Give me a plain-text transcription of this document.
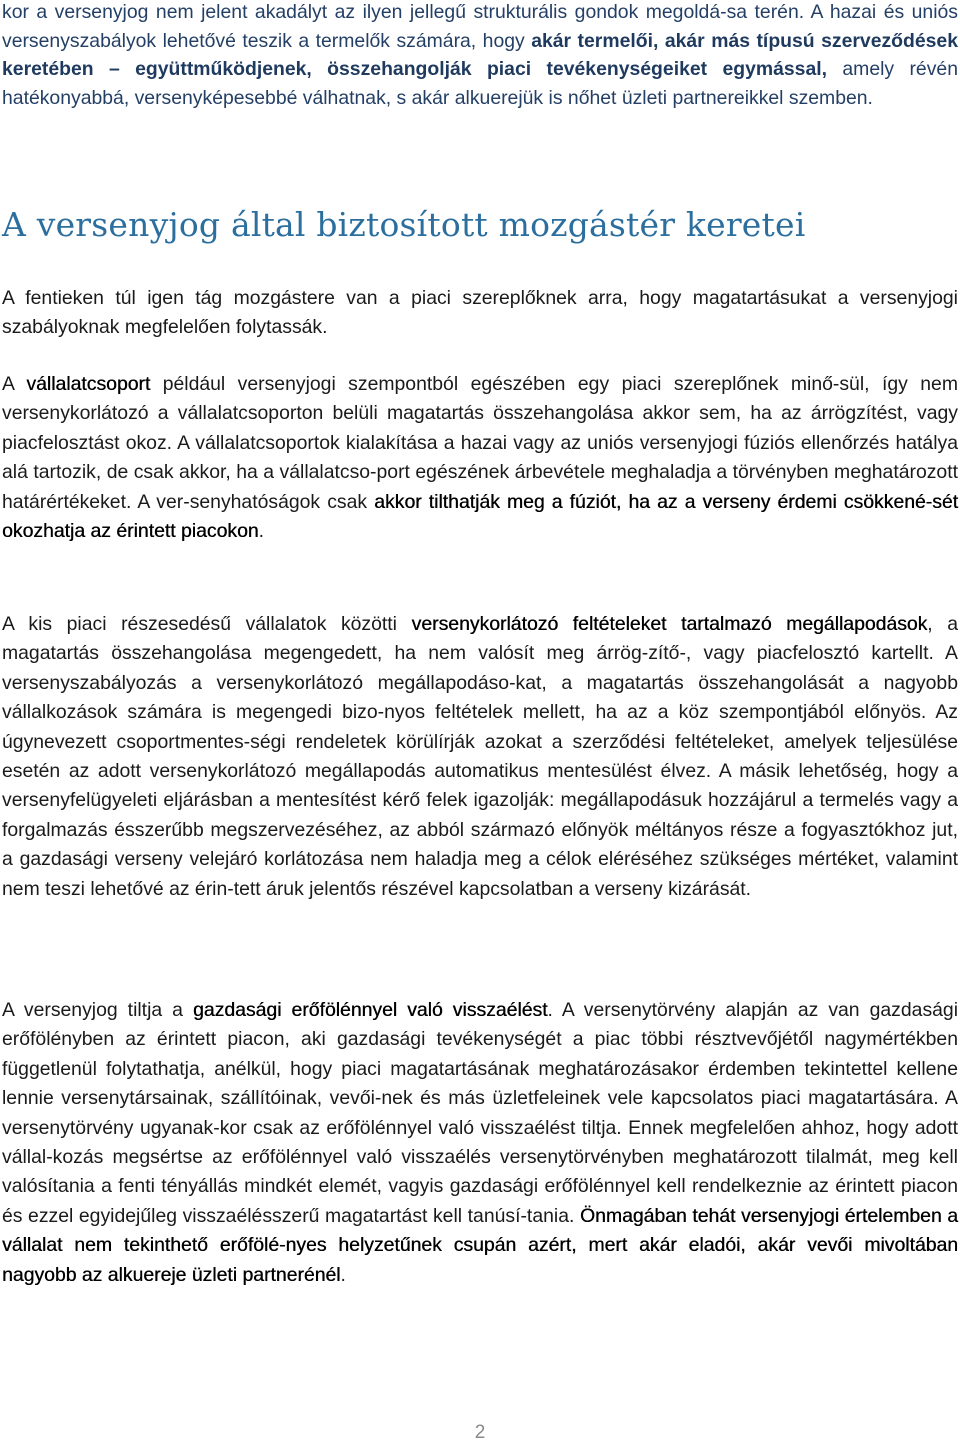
kor a versenyjog nem jelent akadályt az ilyen jellegű strukturális gondok megoldá-sa terén. A hazai és uniós versenyszabályok lehetővé teszik a termelők számára, hogy akár termelői, akár más típusú szerveződések keretében – együttműködjenek, összehangolják piaci tevékenységeiket egymással, amely révén hatékonyabbá, versenyképesebbé válhatnak, s akár alkuerejük is nőhet üzleti partnereikkel szemben.

A versenyjog által biztosított mozgástér keretei

A fentieken túl igen tág mozgástere van a piaci szereplőknek arra, hogy magatartásukat a versenyjogi szabályoknak megfelelően folytassák.

A vállalatcsoport például versenyjogi szempontból egészében egy piaci szereplőnek minő-sül, így nem versenykorlátozó a vállalatcsoporton belüli magatartás összehangolása akkor sem, ha az árrögzítést, vagy piacfelosztást okoz. A vállalatcsoportok kialakítása a hazai vagy az uniós versenyjogi fúziós ellenőrzés hatálya alá tartozik, de csak akkor, ha a vállalatcso-port egészének árbevétele meghaladja a törvényben meghatározott határértékeket. A ver-senyhatóságok csak akkor tilthatják meg a fúziót, ha az a verseny érdemi csökkené-sét okozhatja az érintett piacokon.

A kis piaci részesedésű vállalatok közötti versenykorlátozó feltételeket tartalmazó megállapodások, a magatartás összehangolása megengedett, ha nem valósít meg árrög-zítő-, vagy piacfelosztó kartellt. A versenyszabályozás a versenykorlátozó megállapodáso-kat, a magatartás összehangolását a nagyobb vállalkozások számára is megengedi bizo-nyos feltételek mellett, ha az a köz szempontjából előnyös. Az úgynevezett csoportmentes-ségi rendeletek körülírják azokat a szerződési feltételeket, amelyek teljesülése esetén az adott versenykorlátozó megállapodás automatikus mentesülést élvez. A másik lehetőség, hogy a versenyfelügyeleti eljárásban a mentesítést kérő felek igazolják: megállapodásuk hozzájárul a termelés vagy a forgalmazás ésszerűbb megszervezéséhez, az abból származó előnyök méltányos része a fogyasztókhoz jut, a gazdasági verseny velejáró korlátozása nem haladja meg a célok eléréséhez szükséges mértéket, valamint nem teszi lehetővé az érin-tett áruk jelentős részével kapcsolatban a verseny kizárását.

A versenyjog tiltja a gazdasági erőfölénnyel való visszaélést. A versenytörvény alapján az van gazdasági erőfölényben az érintett piacon, aki gazdasági tevékenységét a piac többi résztvevőjétől nagymértékben függetlenül folytathatja, anélkül, hogy piaci magatartásának meghatározásakor érdemben tekintettel kellene lennie versenytársainak, szállítóinak, vevői-nek és más üzletfeleinek vele kapcsolatos piaci magatartására. A versenytörvény ugyanak-kor csak az erőfölénnyel való visszaélést tiltja. Ennek megfelelően ahhoz, hogy adott vállal-kozás megsértse az erőfölénnyel való visszaélés versenytörvényben meghatározott tilalmát, meg kell valósítania a fenti tényállás mindkét elemét, vagyis gazdasági erőfölénnyel kell rendelkeznie az érintett piacon és ezzel egyidejűleg visszaélésszerű magatartást kell tanúsí-tania. Önmagában tehát versenyjogi értelemben a vállalat nem tekinthető erőfölé-nyes helyzetűnek csupán azért, mert akár eladói, akár vevői mivoltában nagyobb az alkuereje üzleti partnerénél.

2
